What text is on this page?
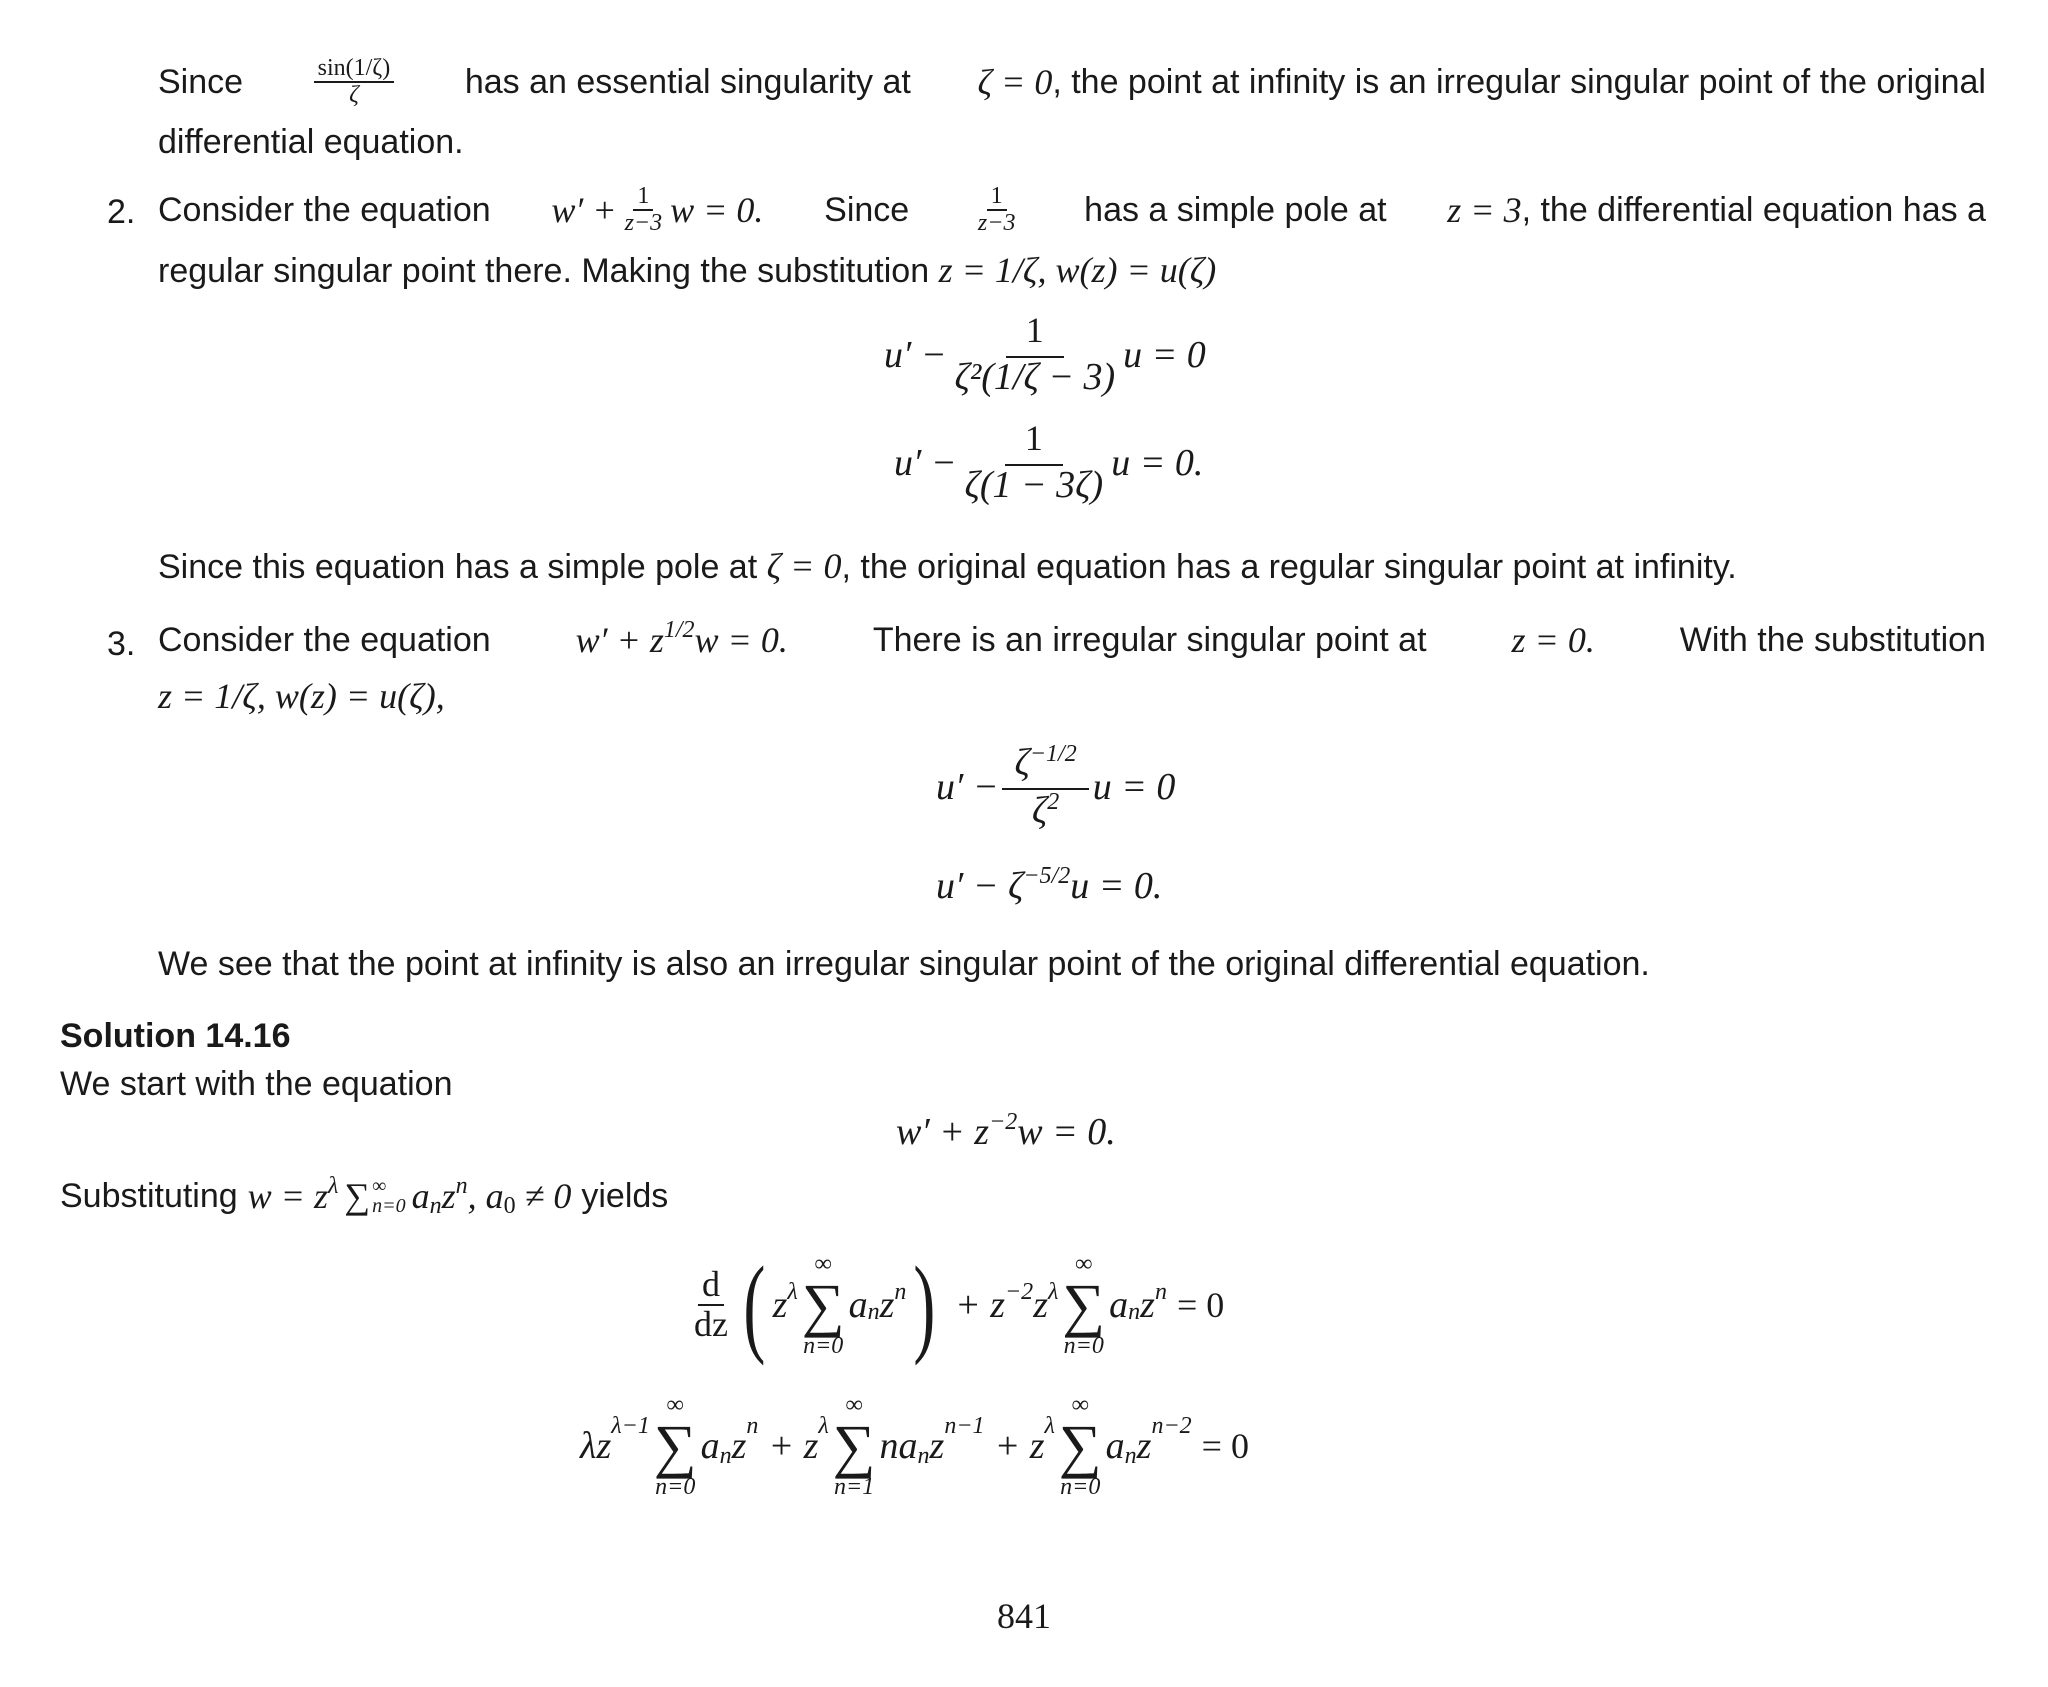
Since	$\frac{\sin(1/\zeta)}{\zeta}$ has an essential singularity at ζ = 0 , the point at infinity is an irregular singular point of the original
differential equation.
2. Consider the equation $w' + \frac{1}{z-3}$ w = 0. Since	$\frac{1}{z-3}$ has a simple pole at z = 3 , the differential equation has a
regular singular point there. Making the substitution z = 1/ζ, w(z) = u(ζ)
$u' - \frac{1}{\text{ζ²(1/ζ − 3)}}$ u = 0
$u' - \frac{1}{\zeta(1 - 3\zeta)}$ u = 0.
Since this equation has a simple pole at ζ = 0, the original equation has a regular singular point at infinity.
3. Consider the equation $w' + z^{1/2}$ w = 0. There is an irregular singular point at z = 0. With the substitution
z = 1/ζ, w(z) = u(ζ),
$u' - \frac{\zeta^{-1/2}}{\zeta^2}$ u = 0
$u' - \zeta^{-5/2}$ u = 0.
We see that the point at infinity is also an irregular singular point of the original differential equation.
Solution 14.16
We start with the equation
$w' + z^{-2}$ w = 0.
Substituting $w = z^\lambda$ ∑ ∞
n=0 $a_n$ $z^n$ , $a_0 \ne 0$ yields
$\frac{d}{dz}$ ( $z^\lambda$
∞
∑
n=0
a n $z^n$ ) + $z^{-2}$ $z^\lambda$
∞
∑
n=0
a n $z^n = 0$
$\lambda z^{\lambda-1}$
∞
∑
n=0
$a_n$ $z^n + z^\lambda$
∞
∑
n=1
$na_n$ $z^{n-1} + z^\lambda$
∞
∑
n=0
$a_n$ $z^{n-2} = 0$
841
